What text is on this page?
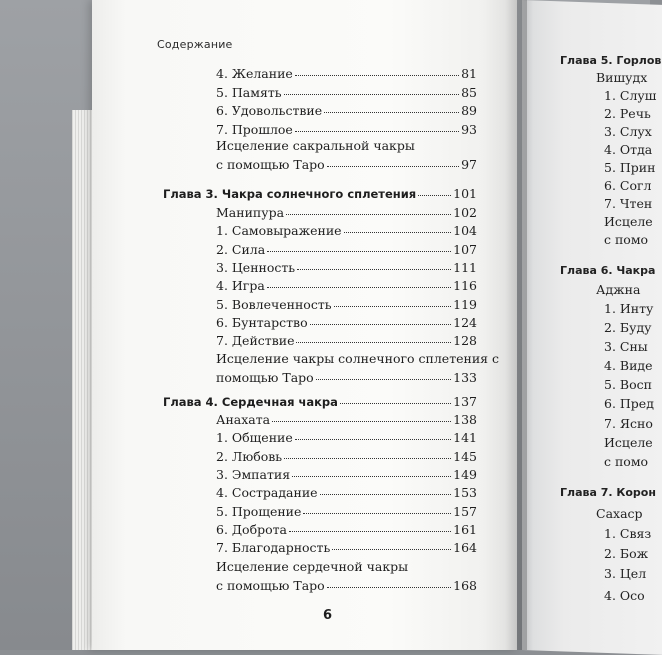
Содержание
4. Желание	81
5. Память	85
6. Удовольствие	89
7. Прошлое	93
Исцеление сакральной чакры
с помощью Таро	97
Глава 3. Чакра солнечного сплетения	101
Манипура	102
1. Самовыражение	104
2. Сила	107
3. Ценность	111
4. Игра	116
5. Вовлеченность	119
6. Бунтарство	124
7. Действие	128
Исцеление чакры солнечного сплетения с
помощью Таро	133
Глава 4. Сердечная чакра	137
Анахата	138
1. Общение	141
2. Любовь	145
3. Эмпатия	149
4. Сострадание	153
5. Прощение	157
6. Доброта	161
7. Благодарность	164
Исцеление сердечной чакры
с помощью Таро	168
Глава 5. Горлов
Вишудх
1. Слуш
2. Речь
3. Слух
4. Отда
5. Прин
6. Согл
7. Чтен
Исцеле
с помо
Глава 6. Чакра
Аджна
1. Инту
2. Буду
3. Сны
4. Виде
5. Восп
6. Пред
7. Ясно
Исцеле
с помо
Глава 7. Корон
Сахаср
1. Связ
2. Бож
3. Цел
4. Осо
6
